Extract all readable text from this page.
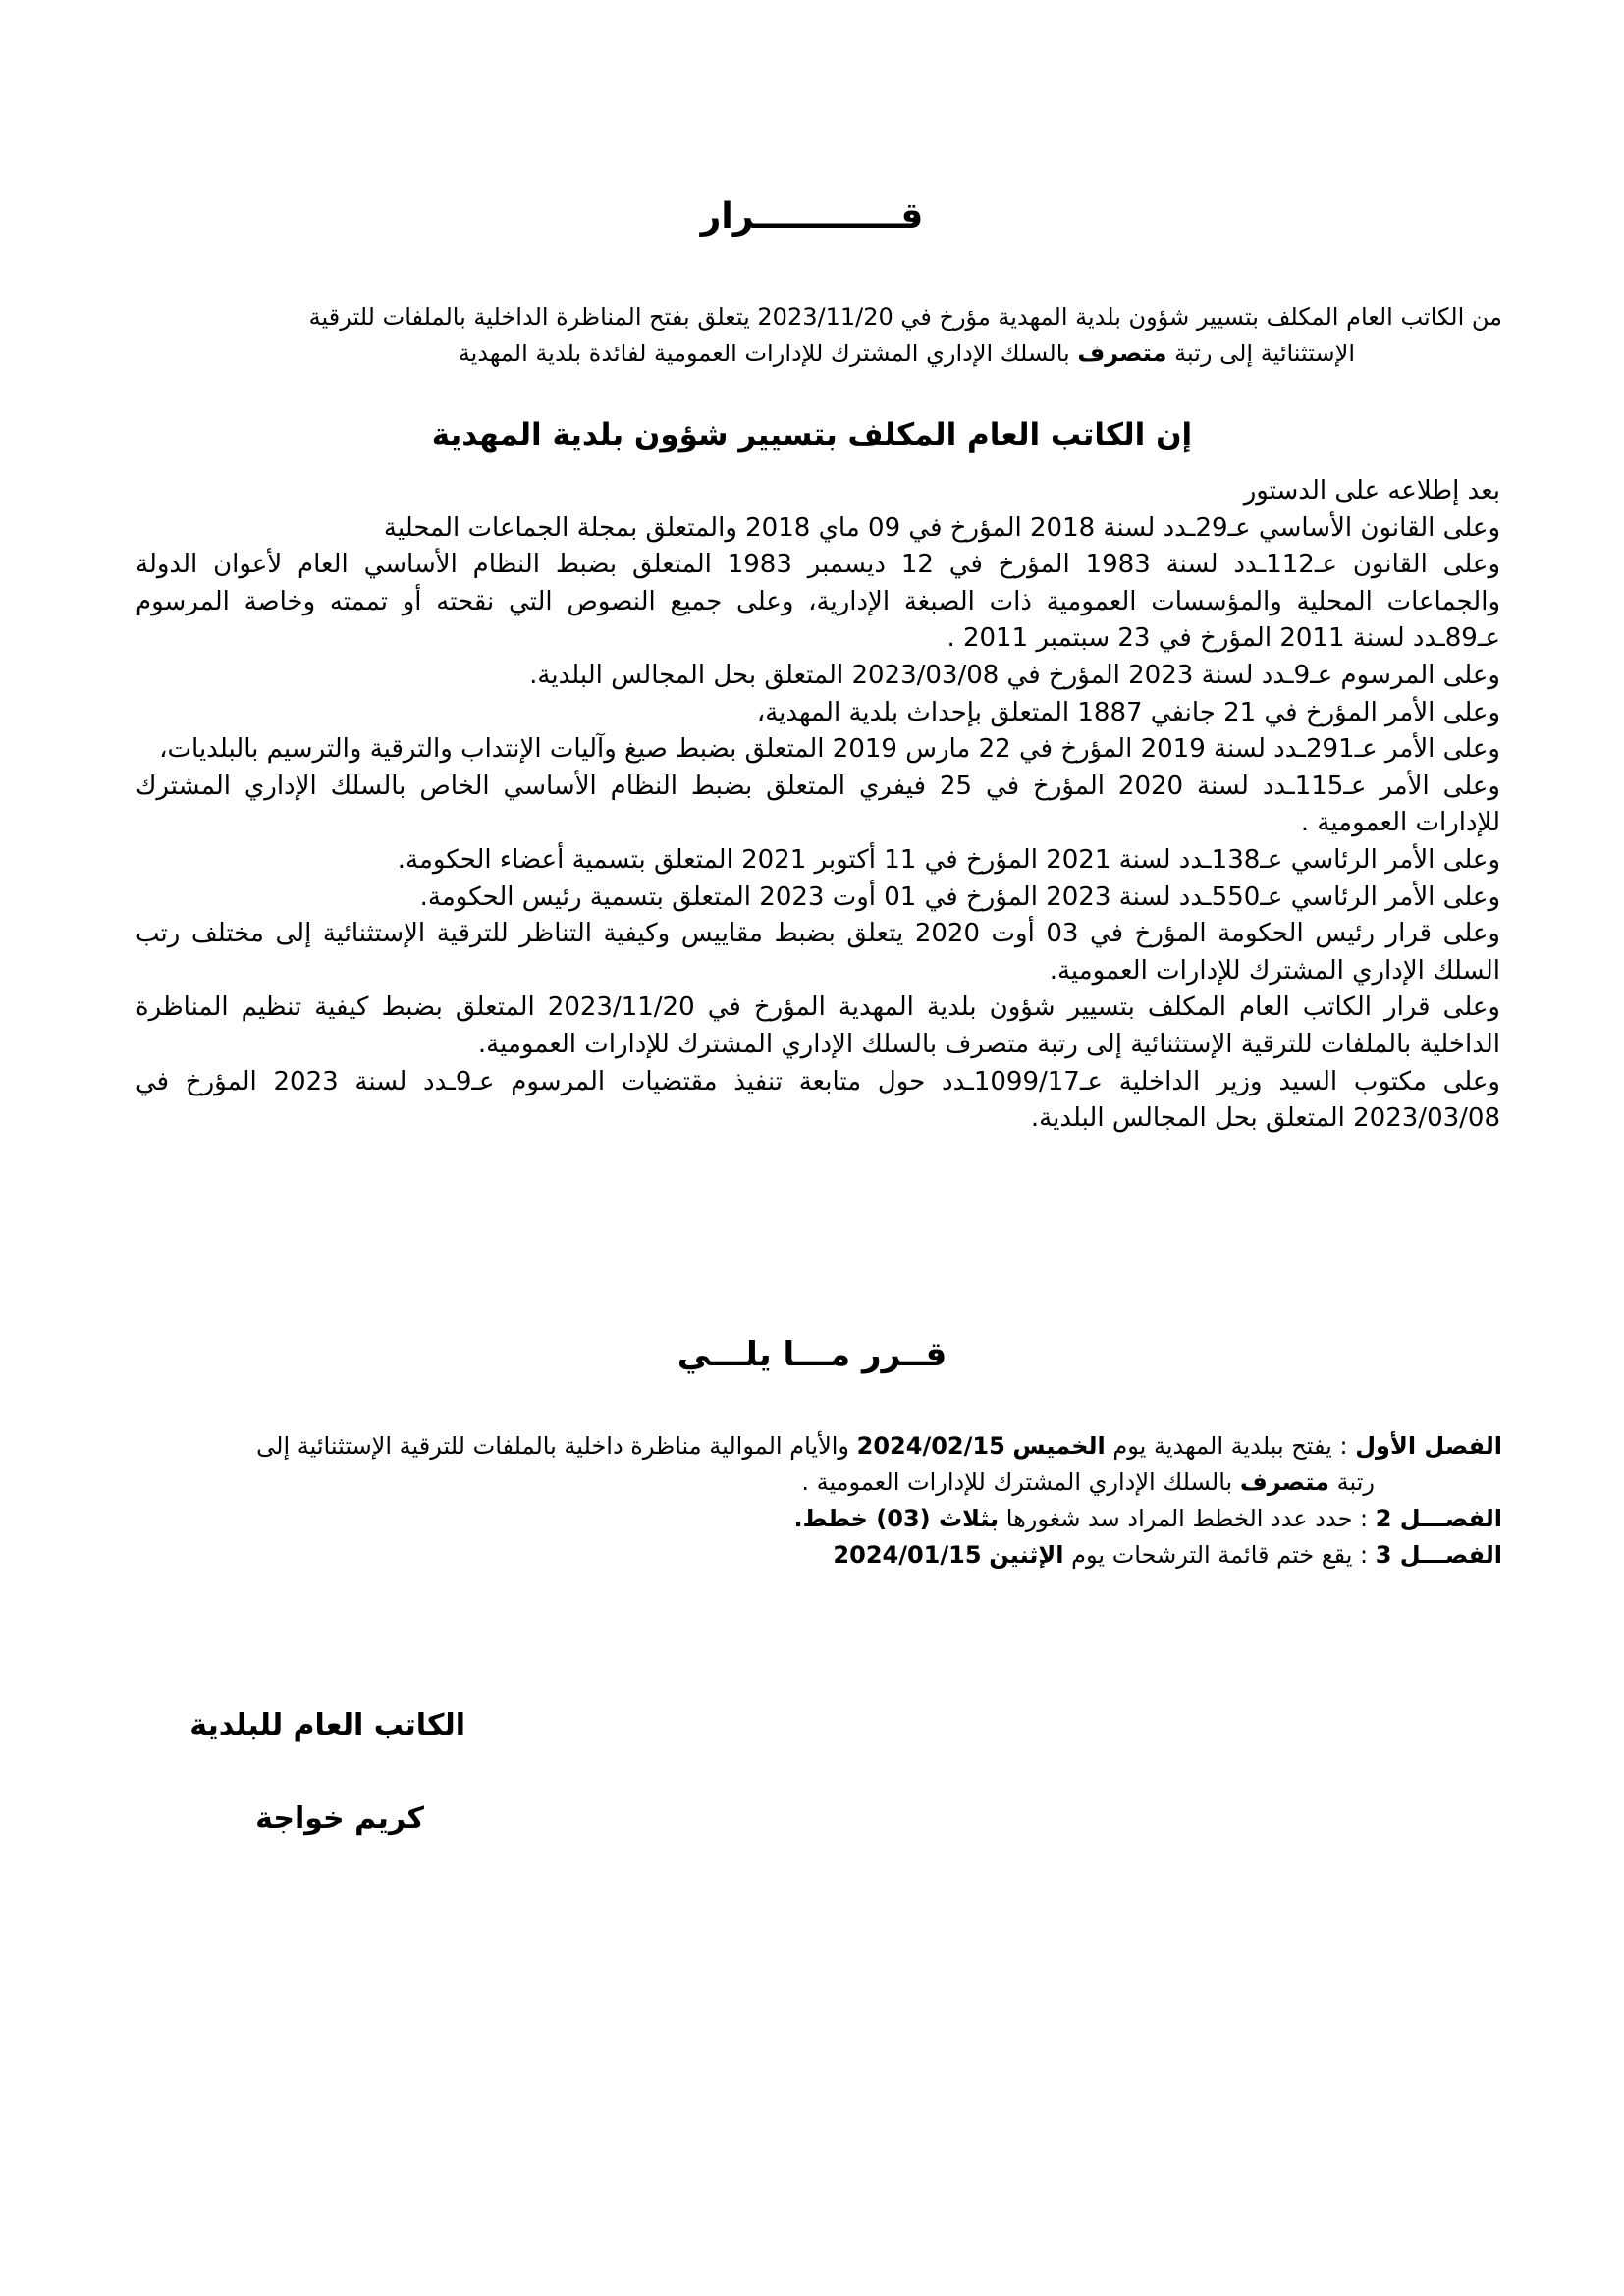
قــــــــــــرار
من الكاتب العام المكلف بتسيير شؤون بلدية المهدية مؤرخ في 2023/11/20 يتعلق بفتح المناظرة الداخلية بالملفات للترقية
الإستثنائية إلى رتبة متصرف بالسلك الإداري المشترك للإدارات العمومية لفائدة بلدية المهدية
إن الكاتب العام المكلف بتسيير شؤون بلدية المهدية
بعد إطلاعه على الدستور
وعلى القانون الأساسي عـ29ـدد لسنة 2018 المؤرخ في 09 ماي 2018 والمتعلق بمجلة الجماعات المحلية
وعلى القانون عـ112ـدد لسنة 1983 المؤرخ في 12 ديسمبر 1983 المتعلق بضبط النظام الأساسي العام لأعوان الدولة والجماعات المحلية والمؤسسات العمومية ذات الصبغة الإدارية، وعلى جميع النصوص التي نقحته أو تممته وخاصة المرسوم عـ89ـدد لسنة 2011 المؤرخ في 23 سبتمبر 2011 .
وعلى المرسوم عـ9ـدد لسنة 2023 المؤرخ في 2023/03/08 المتعلق بحل المجالس البلدية.
وعلى الأمر المؤرخ في 21 جانفي 1887 المتعلق بإحداث بلدية المهدية،
وعلى الأمر عـ291ـدد لسنة 2019 المؤرخ في 22 مارس 2019 المتعلق بضبط صيغ وآليات الإنتداب والترقية والترسيم بالبلديات،
وعلى الأمر عـ115ـدد لسنة 2020 المؤرخ في 25 فيفري المتعلق بضبط النظام الأساسي الخاص بالسلك الإداري المشترك للإدارات العمومية .
وعلى الأمر الرئاسي عـ138ـدد لسنة 2021 المؤرخ في 11 أكتوبر 2021 المتعلق بتسمية أعضاء الحكومة.
وعلى الأمر الرئاسي عـ550ـدد لسنة 2023 المؤرخ في 01 أوت 2023 المتعلق بتسمية رئيس الحكومة.
وعلى قرار رئيس الحكومة المؤرخ في 03 أوت 2020 يتعلق بضبط مقاييس وكيفية التناظر للترقية الإستثنائية إلى مختلف رتب السلك الإداري المشترك للإدارات العمومية.
وعلى قرار الكاتب العام المكلف بتسيير شؤون بلدية المهدية المؤرخ في 2023/11/20 المتعلق بضبط كيفية تنظيم المناظرة الداخلية بالملفات للترقية الإستثنائية إلى رتبة متصرف بالسلك الإداري المشترك للإدارات العمومية.
وعلى مكتوب السيد وزير الداخلية عـ1099/17ـدد حول متابعة تنفيذ مقتضيات المرسوم عـ9ـدد لسنة 2023 المؤرخ في 2023/03/08 المتعلق بحل المجالس البلدية.
قــرر مـــا يلـــي
الفصل الأول : يفتح ببلدية المهدية يوم الخميس 2024/02/15 والأيام الموالية مناظرة داخلية بالملفات للترقية الإستثنائية إلى
رتبة متصرف بالسلك الإداري المشترك للإدارات العمومية .
الفصـــل 2 : حدد عدد الخطط المراد سد شغورها بثلاث (03) خطط.
الفصـــل 3 : يقع ختم قائمة الترشحات يوم الإثنين 2024/01/15
الكاتب العام للبلدية
كريم خواجة
